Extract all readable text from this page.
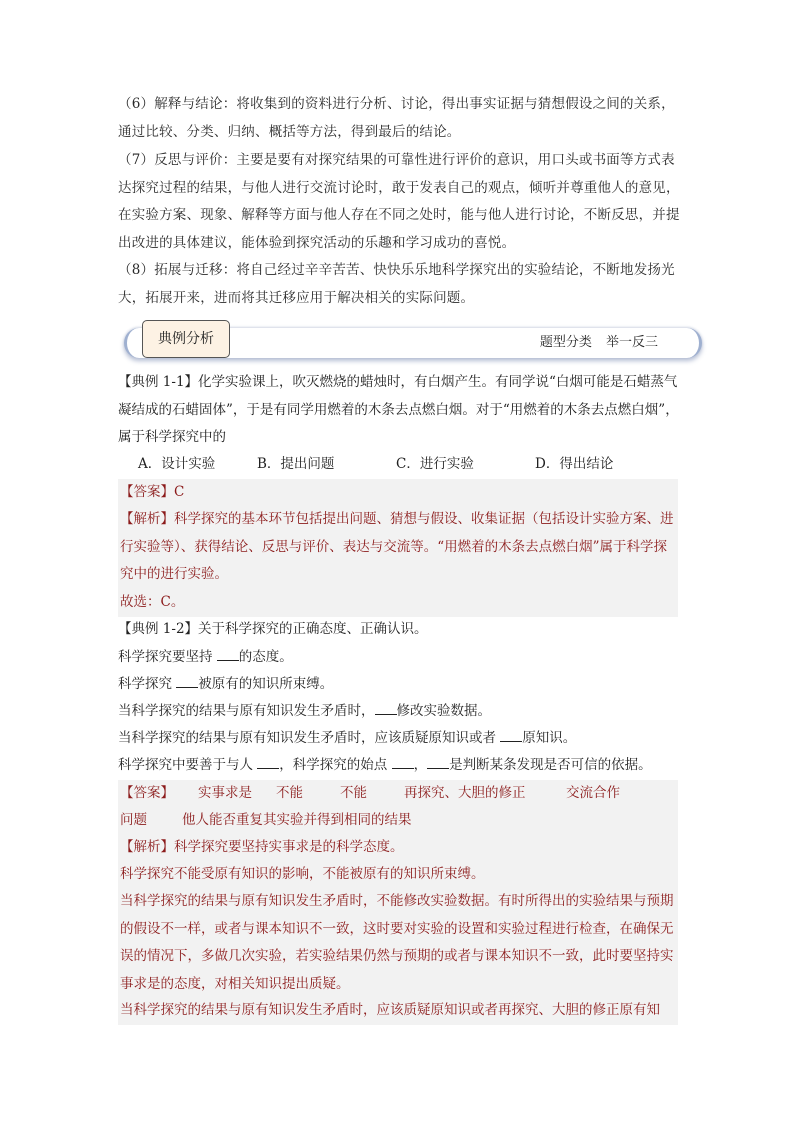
（6）解释与结论：将收集到的资料进行分析、讨论，得出事实证据与猜想假设之间的关系，通过比较、分类、归纳、概括等方法，得到最后的结论。
（7）反思与评价：主要是要有对探究结果的可靠性进行评价的意识，用口头或书面等方式表达探究过程的结果，与他人进行交流讨论时，敢于发表自己的观点，倾听并尊重他人的意见，在实验方案、现象、解释等方面与他人存在不同之处时，能与他人进行讨论，不断反思，并提出改进的具体建议，能体验到探究活动的乐趣和学习成功的喜悦。
（8）拓展与迁移：将自己经过辛辛苦苦、快快乐乐地科学探究出的实验结论，不断地发扬光大，拓展开来，进而将其迁移应用于解决相关的实际问题。
典例分析	题型分类 举一反三
【典例 1-1】化学实验课上，吹灭燃烧的蜡烛时，有白烟产生。有同学说“白烟可能是石蜡蒸气凝结成的石蜡固体”，于是有同学用燃着的木条去点燃白烟。对于“用燃着的木条去点燃白烟”，属于科学探究中的
A．设计实验	B．提出问题	C．进行实验	D．得出结论
【答案】C
【解析】科学探究的基本环节包括提出问题、猜想与假设、收集证据（包括设计实验方案、进行实验等）、获得结论、反思与评价、表达与交流等。“用燃着的木条去点燃白烟”属于科学探究中的进行实验。
故选：C。
【典例 1-2】关于科学探究的正确态度、正确认识。
科学探究要坚持 的态度。
科学探究 被原有的知识所束缚。
当科学探究的结果与原有知识发生矛盾时， 修改实验数据。
当科学探究的结果与原有知识发生矛盾时，应该质疑原知识或者 原知识。
科学探究中要善于与人 ，科学探究的始点 ， 是判断某条发现是否可信的依据。
【答案】 实事求是 不能	不能	再探究、大胆的修正	交流合作
问题	他人能否重复其实验并得到相同的结果
【解析】科学探究要坚持实事求是的科学态度。
科学探究不能受原有知识的影响，不能被原有的知识所束缚。
当科学探究的结果与原有知识发生矛盾时，不能修改实验数据。有时所得出的实验结果与预期的假设不一样，或者与课本知识不一致，这时要对实验的设置和实验过程进行检查，在确保无误的情况下，多做几次实验，若实验结果仍然与预期的或者与课本知识不一致，此时要坚持实事求是的态度，对相关知识提出质疑。
当科学探究的结果与原有知识发生矛盾时，应该质疑原知识或者再探究、大胆的修正原有知
